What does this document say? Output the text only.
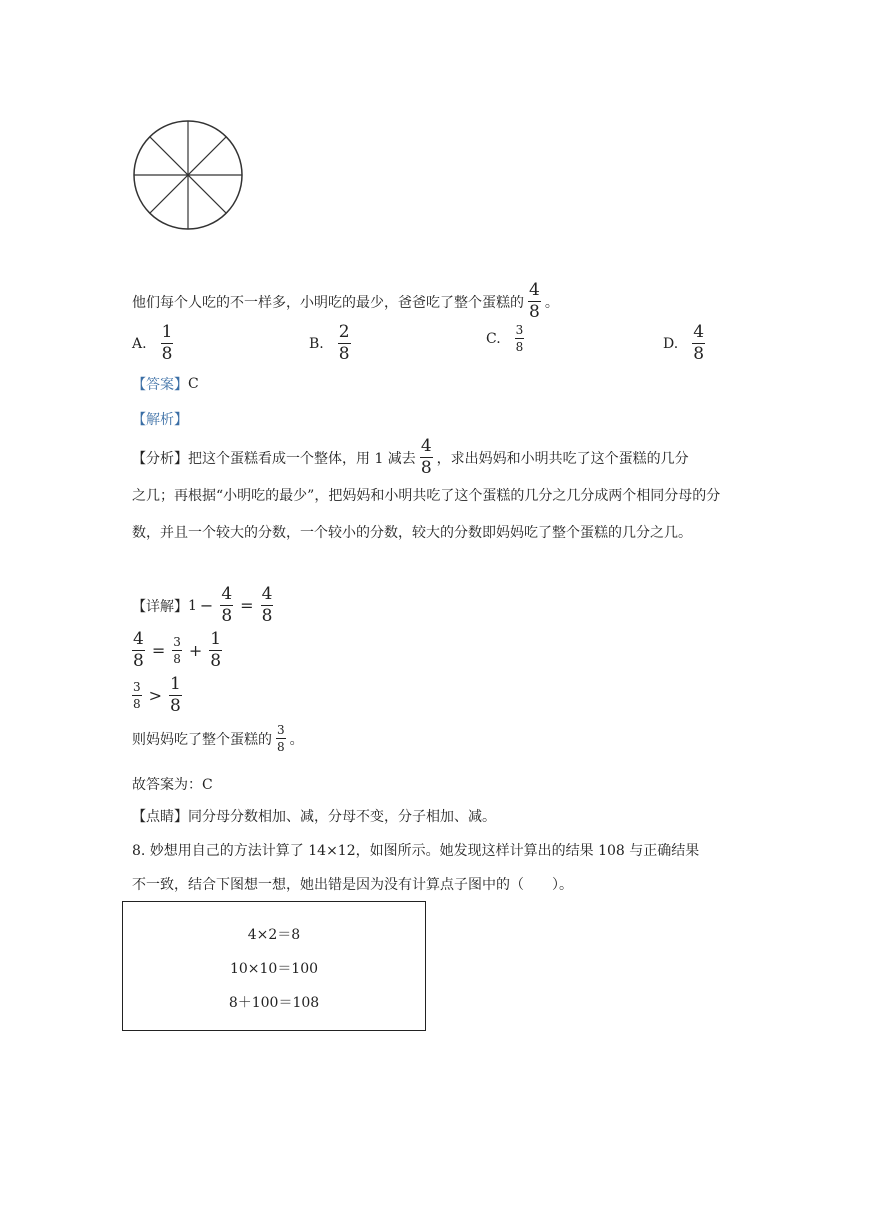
他们每个人吃的不一样多，小明吃的最少，爸爸吃了整个蛋糕的 $\frac{4}{8}$ 。
A. $\frac{1}{8}$	B. $\frac{2}{8}$	C. $\frac{3}{8}$	D. $\frac{4}{8}$
【答案】 C
【解析】
【分析】 把这个蛋糕看成一个整体，用 1 减去 $\frac{4}{8}$ ，求出妈妈和小明共吃了这个蛋糕的几分
之几；再根据“小明吃的最少”，把妈妈和小明共吃了这个蛋糕的几分之几分成两个相同分母的分数，并且一个较大的分数，一个较小的分数，较大的分数即妈妈吃了整个蛋糕的几分之几。
【详解】 $1 - \frac{4}{8} = \frac{4}{8}$
$\frac{4}{8} = \frac{3}{8} + \frac{1}{8}$
$\frac{3}{8} > \frac{1}{8}$
则妈妈吃了整个蛋糕的 $\frac{3}{8}$ 。
故答案为：C
【点睛】 同分母分数相加、减，分母不变，分子相加、减。
8. 妙想用自己的方法计算了 14×12，如图所示。她发现这样计算出的结果 108 与正确结果
不一致，结合下图想一想，她出错是因为没有计算点子图中的（　　）。
4×2＝8
10×10＝100
8＋100＝108
